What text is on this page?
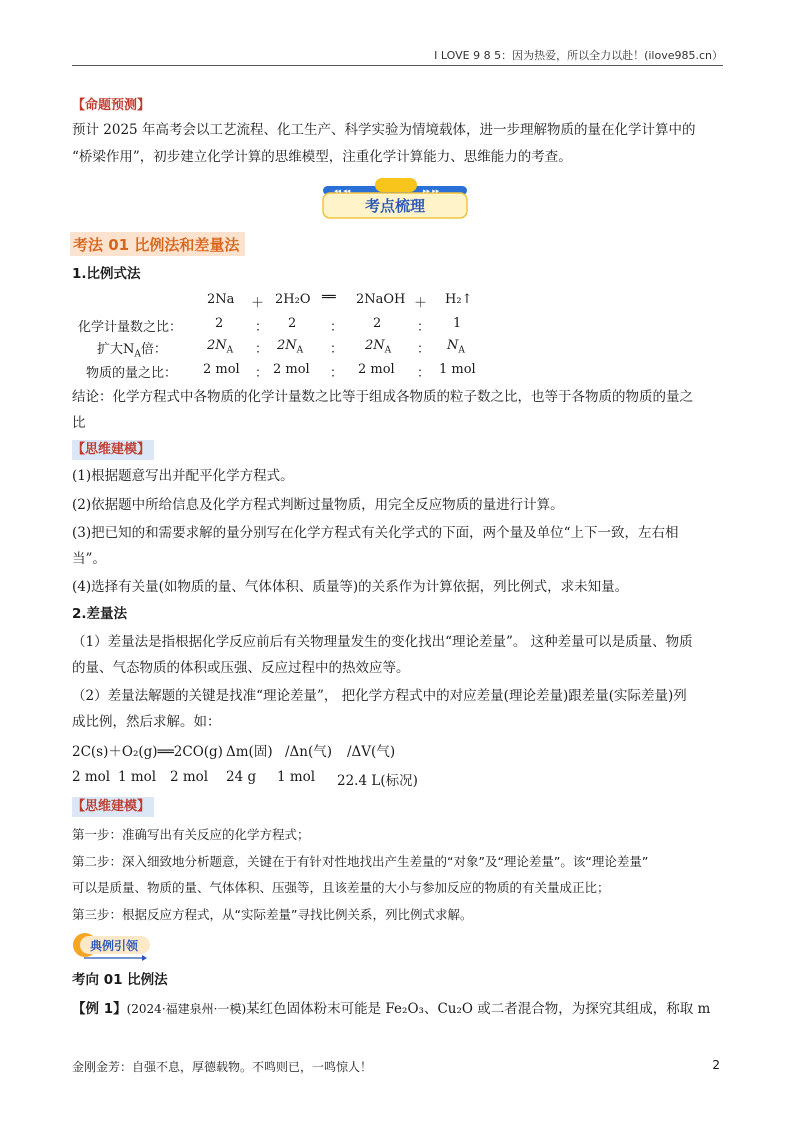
I LOVE 9 8 5：因为热爱，所以全力以赴！(ilove985.cn）
【命题预测】
预计 2025 年高考会以工艺流程、化工生产、科学实验为情境载体，进一步理解物质的量在化学计算中的
“桥梁作用”，初步建立化学计算的思维模型，注重化学计算能力、思维能力的考查。
◂◂ ◂◂	▸▸ ▸▸
考点梳理
考法 01 比例法和差量法
1.比例式法
2Na ＋ 2H₂O ══ 2NaOH ＋ H₂↑
化学计量数之比：	2 ： 2	： 2	： 1
扩大$N_A$倍：	$2N_A$ ： $2N_A$ ： $2N_A$ ： $N_A$
物质的量之比： 2 mol ： 2 mol ： 2 mol ： 1 mol
结论：化学方程式中各物质的化学计量数之比等于组成各物质的粒子数之比，也等于各物质的物质的量之
比
【思维建模】
(1)根据题意写出并配平化学方程式。
(2)依据题中所给信息及化学方程式判断过量物质，用完全反应物质的量进行计算。
(3)把已知的和需要求解的量分别写在化学方程式有关化学式的下面，两个量及单位“上下一致，左右相
当”。
(4)选择有关量(如物质的量、气体体积、质量等)的关系作为计算依据，列比例式，求未知量。
2.差量法
（1）差量法是指根据化学反应前后有关物理量发生的变化找出“理论差量”。 这种差量可以是质量、物质
的量、气态物质的体积或压强、反应过程中的热效应等。
（2）差量法解题的关键是找准“理论差量”， 把化学方程式中的对应差量(理论差量)跟差量(实际差量)列
成比例，然后求解。如：
2C(s)＋O₂(g)══2CO(g) Δm(固) /Δn(气) /ΔV(气)
2 mol 1 mol 2 mol 24 g 1 mol 22.4 L(标况)
【思维建模】
第一步：准确写出有关反应的化学方程式；
第二步：深入细致地分析题意，关键在于有针对性地找出产生差量的“对象”及“理论差量”。该“理论差量”
可以是质量、物质的量、气体体积、压强等，且该差量的大小与参加反应的物质的有关量成正比；
第三步：根据反应方程式，从“实际差量”寻找比例关系，列比例式求解。
典例引领
考向 01 比例法
【例 1】(2024·福建泉州·一模)某红色固体粉末可能是 Fe₂O₃、Cu₂O 或二者混合物，为探究其组成，称取 m
金刚金芳：自强不息，厚德载物。不鸣则已，一鸣惊人！	2
